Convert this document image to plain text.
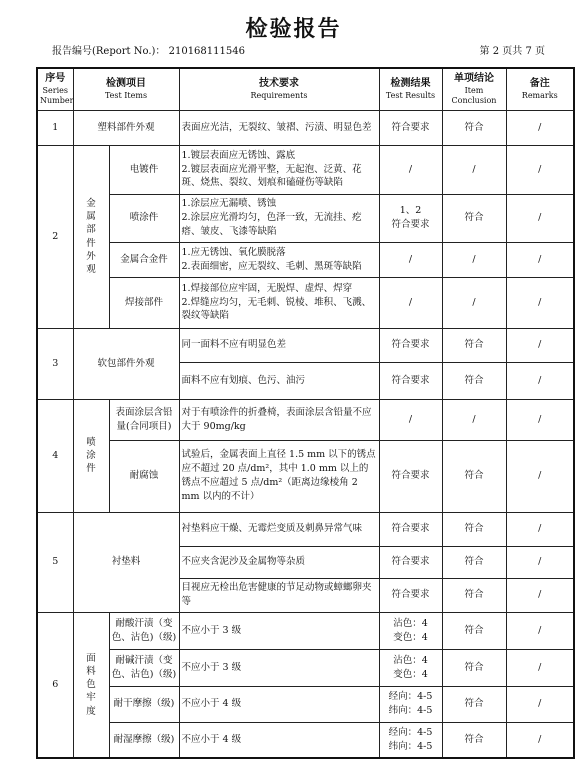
检验报告
报告编号(Report No.)： 210168111546	第 2 页共 7 页
序号
Series Number	检测项目
Test Items		技术要求
Requirements	检测结果
Test Results	单项结论
Item Conclusion	备注
Remarks

1	塑料部件外观		表面应光洁，无裂纹、皱褶、污渍、明显色差	符合要求	符合	/
2	金属部件外观	电镀件	1.镀层表面应无锈蚀、露底
2.镀层表面应光滑平整，无起泡、泛黄、花斑、烧焦、裂纹、划痕和磕碰伤等缺陷	/	/	/
		喷涂件	1.涂层应无漏喷、锈蚀
2.涂层应光滑均匀，色泽一致，无流挂、疙瘩、皱皮、飞漆等缺陷	1、2
符合要求	符合	/
		金属合金件	1.应无锈蚀、氧化膜脱落
2.表面细密，应无裂纹、毛刺、黑斑等缺陷	/	/	/
		焊接部件	1.焊接部位应牢固，无脱焊、虚焊、焊穿
2.焊缝应均匀，无毛刺、锐棱、堆积、飞溅、裂纹等缺陷	/	/	/
3	软包部件外观		同一面料不应有明显色差	符合要求	符合	/
			面料不应有划痕、色污、油污	符合要求	符合	/
4	喷涂件	表面涂层含铅量(合同项目)	对于有喷涂件的折叠椅，表面涂层含铅量不应大于 90mg/kg	/	/	/
		耐腐蚀	试验后，金属表面上直径 1.5 mm 以下的锈点应不超过 20 点/dm²，其中 1.0 mm 以上的锈点不应超过 5 点/dm²（距离边缘棱角 2 mm 以内的不计）	符合要求	符合	/
5	衬垫料		衬垫料应干燥、无霉烂变质及刺鼻异常气味	符合要求	符合	/
			不应夹含泥沙及金属物等杂质	符合要求	符合	/
			目视应无检出危害健康的节足动物或蟑螂卵夹等	符合要求	符合	/
6	面料色牢度	耐酸汗渍（变色、沾色)（级)	不应小于 3 级	沾色：4
变色：4	符合	/
		耐碱汗渍（变色、沾色)（级)	不应小于 3 级	沾色：4
变色：4	符合	/
		耐干摩擦（级)	不应小于 4 级	经向：4-5
纬向：4-5	符合	/
		耐湿摩擦（级)	不应小于 4 级	经向：4-5
纬向：4-5	符合	/
